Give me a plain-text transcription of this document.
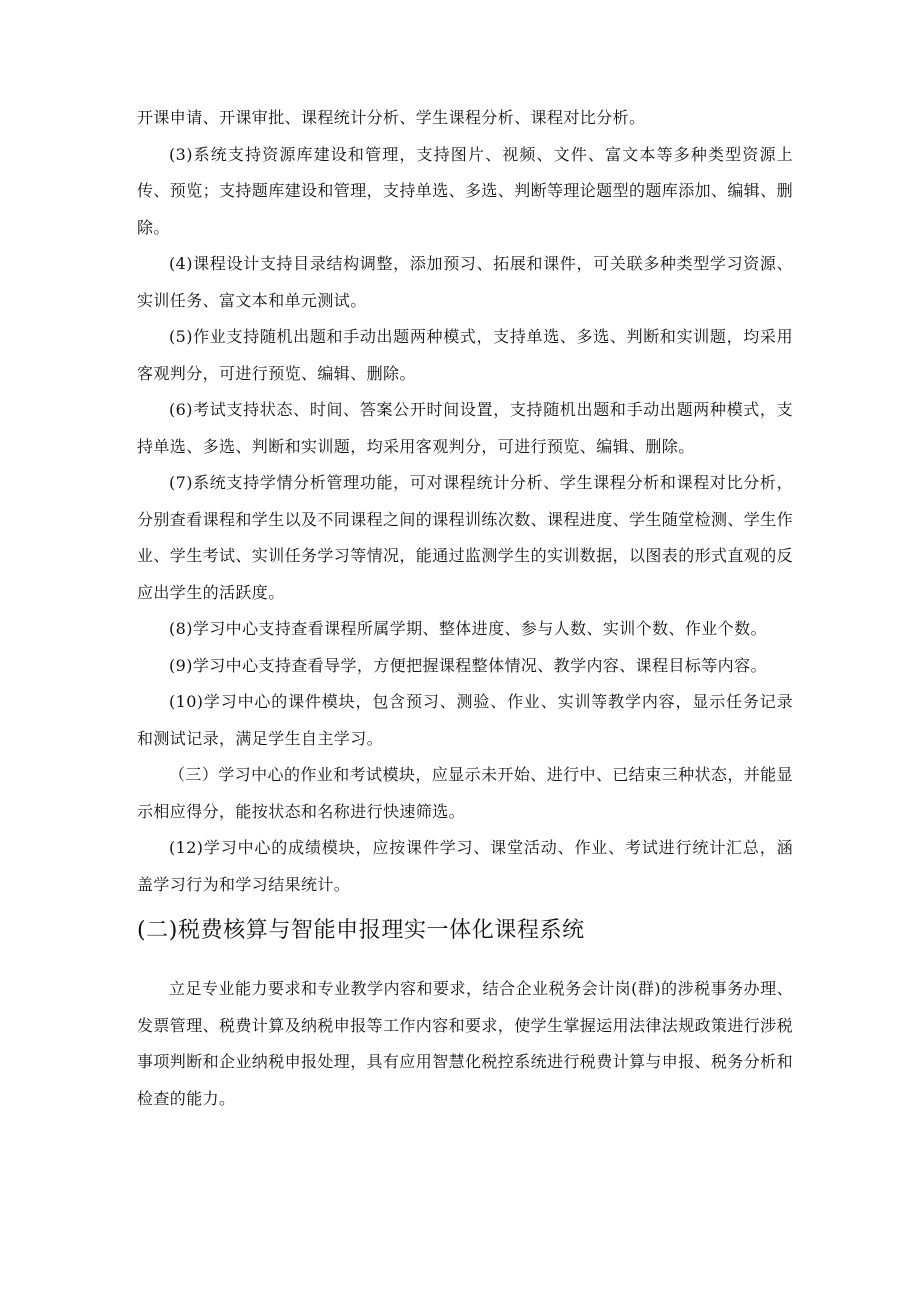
开课申请、开课审批、课程统计分析、学生课程分析、课程对比分析。

(3)系统支持资源库建设和管理，支持图片、视频、文件、富文本等多种类型资源上传、预览；支持题库建设和管理，支持单选、多选、判断等理论题型的题库添加、编辑、删除。

(4)课程设计支持目录结构调整，添加预习、拓展和课件，可关联多种类型学习资源、实训任务、富文本和单元测试。

(5)作业支持随机出题和手动出题两种模式，支持单选、多选、判断和实训题，均采用客观判分，可进行预览、编辑、删除。

(6)考试支持状态、时间、答案公开时间设置，支持随机出题和手动出题两种模式，支持单选、多选、判断和实训题，均采用客观判分，可进行预览、编辑、删除。

(7)系统支持学情分析管理功能，可对课程统计分析、学生课程分析和课程对比分析，分别查看课程和学生以及不同课程之间的课程训练次数、课程进度、学生随堂检测、学生作业、学生考试、实训任务学习等情况，能通过监测学生的实训数据，以图表的形式直观的反应出学生的活跃度。

(8)学习中心支持查看课程所属学期、整体进度、参与人数、实训个数、作业个数。

(9)学习中心支持查看导学，方便把握课程整体情况、教学内容、课程目标等内容。

(10)学习中心的课件模块，包含预习、测验、作业、实训等教学内容，显示任务记录和测试记录，满足学生自主学习。

（三）学习中心的作业和考试模块，应显示未开始、进行中、已结束三种状态，并能显示相应得分，能按状态和名称进行快速筛选。

(12)学习中心的成绩模块，应按课件学习、课堂活动、作业、考试进行统计汇总，涵盖学习行为和学习结果统计。

(二)税费核算与智能申报理实一体化课程系统

立足专业能力要求和专业教学内容和要求，结合企业税务会计岗(群)的涉税事务办理、发票管理、税费计算及纳税申报等工作内容和要求，使学生掌握运用法律法规政策进行涉税事项判断和企业纳税申报处理，具有应用智慧化税控系统进行税费计算与申报、税务分析和检查的能力。
